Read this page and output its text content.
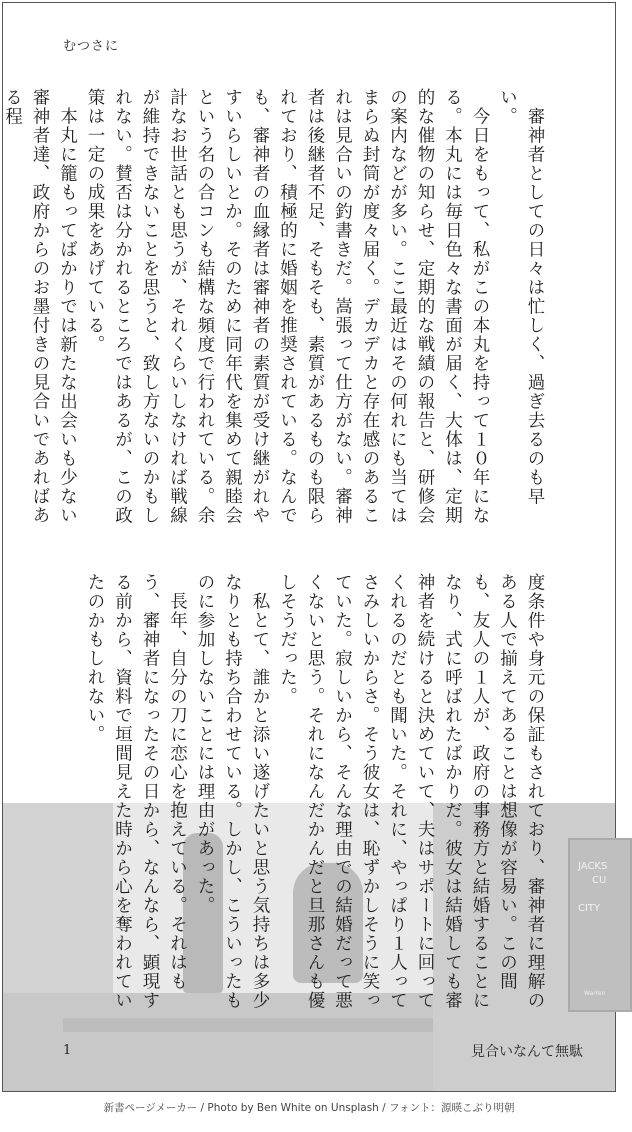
JACKS
CU

CITY
Warren
むつさに

　審神者としての日々は忙しく、過ぎ去るのも早い。

　今日をもって、私がこの本丸を持って１０年になる。本丸には毎日色々な書面が届く、大体は、定期的な催物の知らせ、定期的な戦績の報告と、研修会の案内などが多い。ここ最近はその何れにも当てはまらぬ封筒が度々届く。デカデカと存在感のあるこれは見合いの釣書きだ。嵩張って仕方がない。審神者は後継者不足、そもそも、素質があるものも限られており、積極的に婚姻を推奨されている。なんでも、審神者の血縁者は審神者の素質が受け継がれやすいらしいとか。そのために同年代を集めて親睦会という名の合コンも結構な頻度で行われている。余計なお世話とも思うが、それくらいしなければ戦線が維持できないことを思うと、致し方ないのかもしれない。賛否は分かれるところではあるが、この政策は一定の成果をあげている。

　本丸に籠もってばかりでは新たな出会いも少ない審神者達、政府からのお墨付きの見合いであればある程

度条件や身元の保証もされており、審神者に理解のある人で揃えてあることは想像が容易い。この間も、友人の１人が、政府の事務方と結婚することになり、式に呼ばれたばかりだ。彼女は結婚しても審神者を続けると決めていて、夫はサポートに回ってくれるのだとも聞いた。それに、やっぱり１人ってさみしいからさ。そう彼女は、恥ずかしそうに笑っていた。寂しいから、そんな理由での結婚だって悪くないと思う。それになんだかんだと旦那さんも優しそうだった。

　私とて、誰かと添い遂げたいと思う気持ちは多少なりとも持ち合わせている。しかし、こういったものに参加しないことには理由があった。

　長年、自分の刀に恋心を抱えている。それはもう、審神者になったその日から、なんなら、顕現する前から、資料で垣間見えた時から心を奪われていたのかもしれない。

1	見合いなんて無駄
新書ページメーカー / Photo by Ben White on Unsplash / フォント：源暎こぶり明朝
